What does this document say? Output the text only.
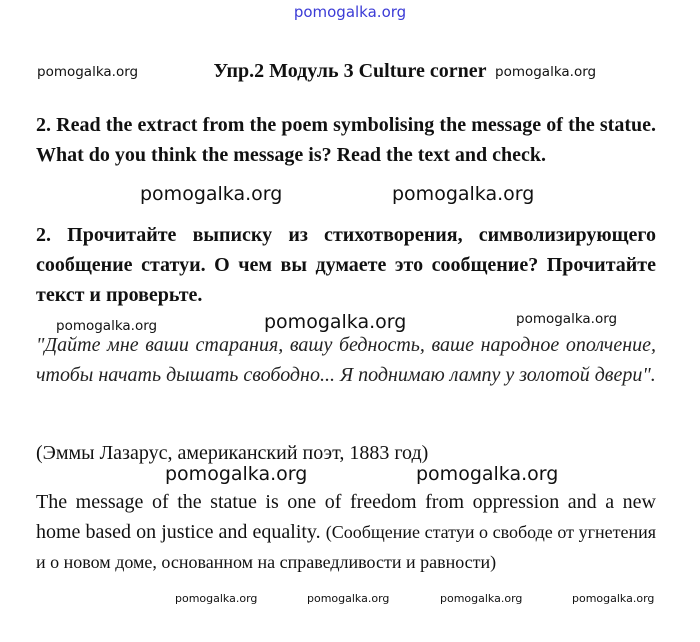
pomogalka.org
pomogalka.org	Упр.2 Модуль 3 Culture corner pomogalka.org

2. Read the extract from the poem symbolising the message of the statue. What do you think the message is? Read the text and check.

pomogalka.org	pomogalka.org

2. Прочитайте выписку из стихотворения, символизирующего сообщение статуи. О чем вы думаете это сообщение? Прочитайте текст и проверьте.

pomogalka.org	pomogalka.org	pomogalka.org

"Дайте мне ваши старания, вашу бедность, ваше народное ополчение, чтобы начать дышать свободно... Я поднимаю лампу у золотой двери".

(Эммы Лазарус, американский поэт, 1883 год)

pomogalka.org	pomogalka.org

The message of the statue is one of freedom from oppression and a new home based on justice and equality. (Сообщение статуи о свободе от угнетения и о новом доме, основанном на справедливости и равности)

pomogalka.org	pomogalka.org	pomogalka.org	pomogalka.org
